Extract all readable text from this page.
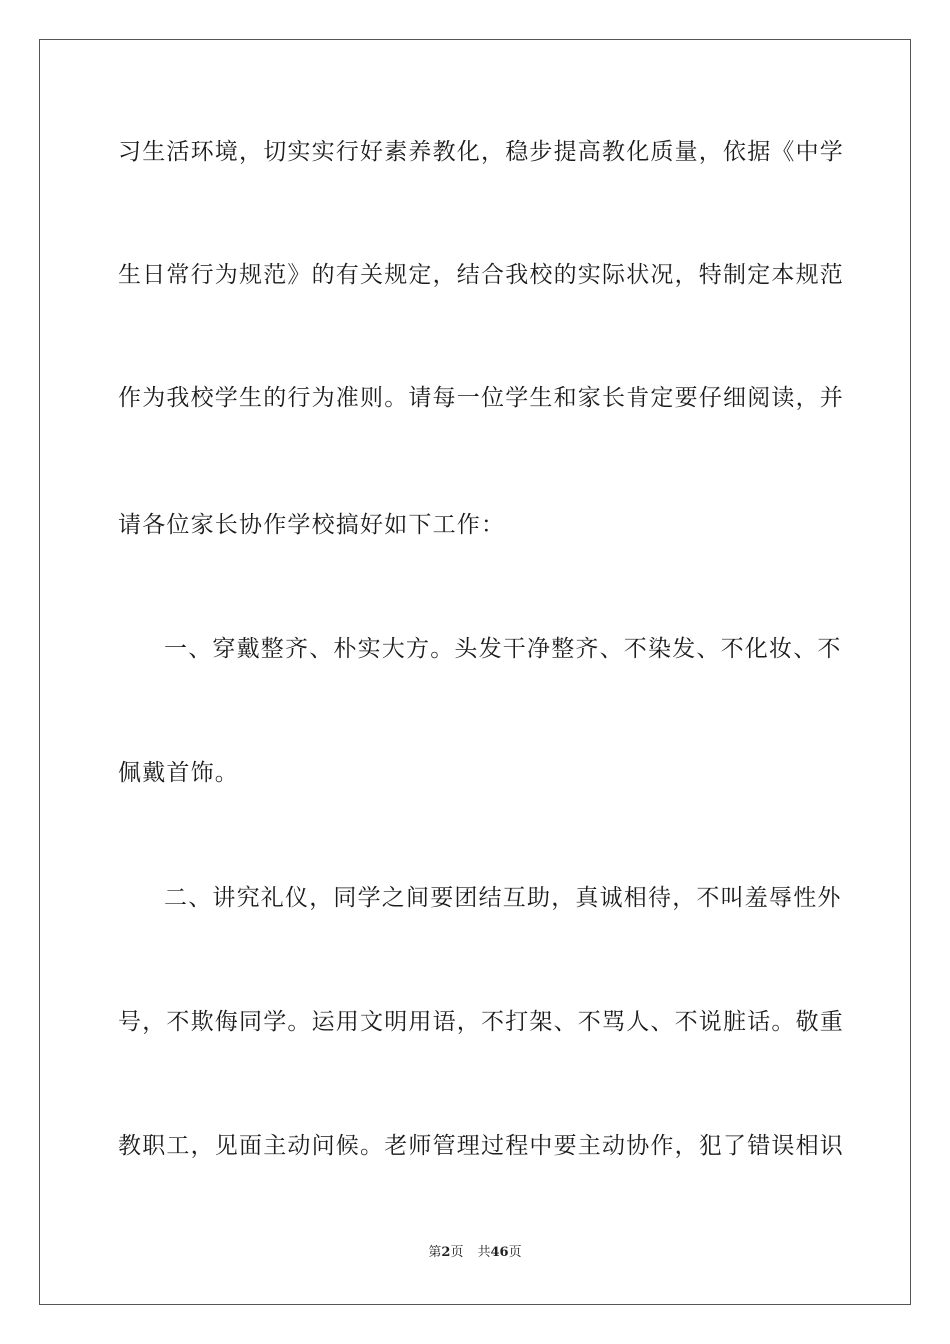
习生活环境，切实实行好素养教化，稳步提高教化质量，依据《中学
生日常行为规范》的有关规定，结合我校的实际状况，特制定本规范
作为我校学生的行为准则。请每一位学生和家长肯定要仔细阅读，并
请各位家长协作学校搞好如下工作：
一、穿戴整齐、朴实大方。头发干净整齐、不染发、不化妆、不
佩戴首饰。
二、讲究礼仪，同学之间要团结互助，真诚相待，不叫羞辱性外
号，不欺侮同学。运用文明用语，不打架、不骂人、不说脏话。敬重
教职工，见面主动问候。老师管理过程中要主动协作，犯了错误相识
第2页 共46页
